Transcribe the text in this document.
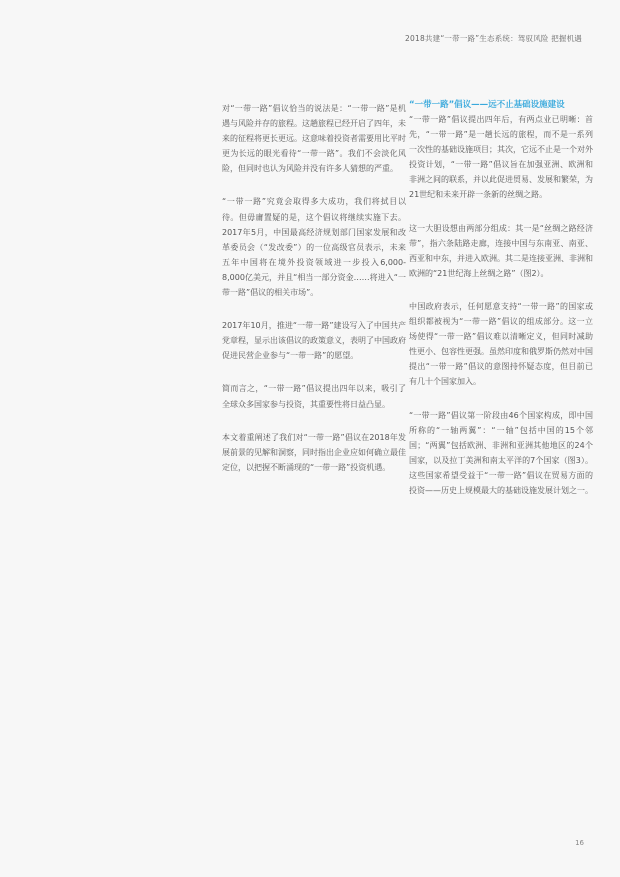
2018共建“一带一路”生态系统：驾驭风险 把握机遇

对“一带一路”倡议恰当的说法是：“一带一路”是机遇与风险并存的旅程。这趟旅程已经开启了四年，未来的征程将更长更远。这意味着投资者需要用比平时更为长远的眼光看待“一带一路”。我们不会淡化风险，但同时也认为风险并没有许多人猜想的严重。

“一带一路”究竟会取得多大成功，我们将拭目以待。但毋庸置疑的是，这个倡议将继续实施下去。2017年5月，中国最高经济规划部门国家发展和改革委员会（“发改委”）的一位高级官员表示，未来五年中国将在境外投资领域进一步投入6,000-8,000亿美元，并且“相当一部分资金……将进入“一带一路”倡议的相关市场”。

2017年10月，推进“一带一路”建设写入了中国共产党章程，显示出该倡议的政策意义，表明了中国政府促进民营企业参与“一带一路”的愿望。

简而言之，“一带一路”倡议提出四年以来，吸引了全球众多国家参与投资，其重要性将日益凸显。

本文着重阐述了我们对“一带一路”倡议在2018年发展前景的见解和洞察，同时指出企业应如何确立最佳定位，以把握不断涌现的“一带一路”投资机遇。

“一带一路”倡议——远不止基础设施建设

“一带一路”倡议提出四年后，有两点业已明晰：首先，“一带一路”是一趟长远的旅程，而不是一系列一次性的基础设施项目；其次，它远不止是一个对外投资计划，“一带一路”倡议旨在加强亚洲、欧洲和非洲之间的联系，并以此促进贸易、发展和繁荣，为21世纪和未来开辟一条新的丝绸之路。

这一大胆设想由两部分组成：其一是“丝绸之路经济带”，指六条陆路走廊，连接中国与东南亚、南亚、西亚和中东，并进入欧洲。其二是连接亚洲、非洲和欧洲的“21世纪海上丝绸之路”（图2）。

中国政府表示，任何愿意支持“一带一路”的国家或组织都被视为“一带一路”倡议的组成部分。这一立场使得“一带一路”倡议难以清晰定义，但同时减助性更小、包容性更强。虽然印度和俄罗斯仍然对中国提出“一带一路”倡议的意图持怀疑态度，但目前已有几十个国家加入。

“一带一路”倡议第一阶段由46个国家构成，即中国所称的“一轴两翼”：“一轴”包括中国的15个邻国；“两翼”包括欧洲、非洲和亚洲其他地区的24个国家，以及拉丁美洲和南太平洋的7个国家（图3）。这些国家希望受益于“一带一路”倡议在贸易方面的投资——历史上规模最大的基础设施发展计划之一。

16
